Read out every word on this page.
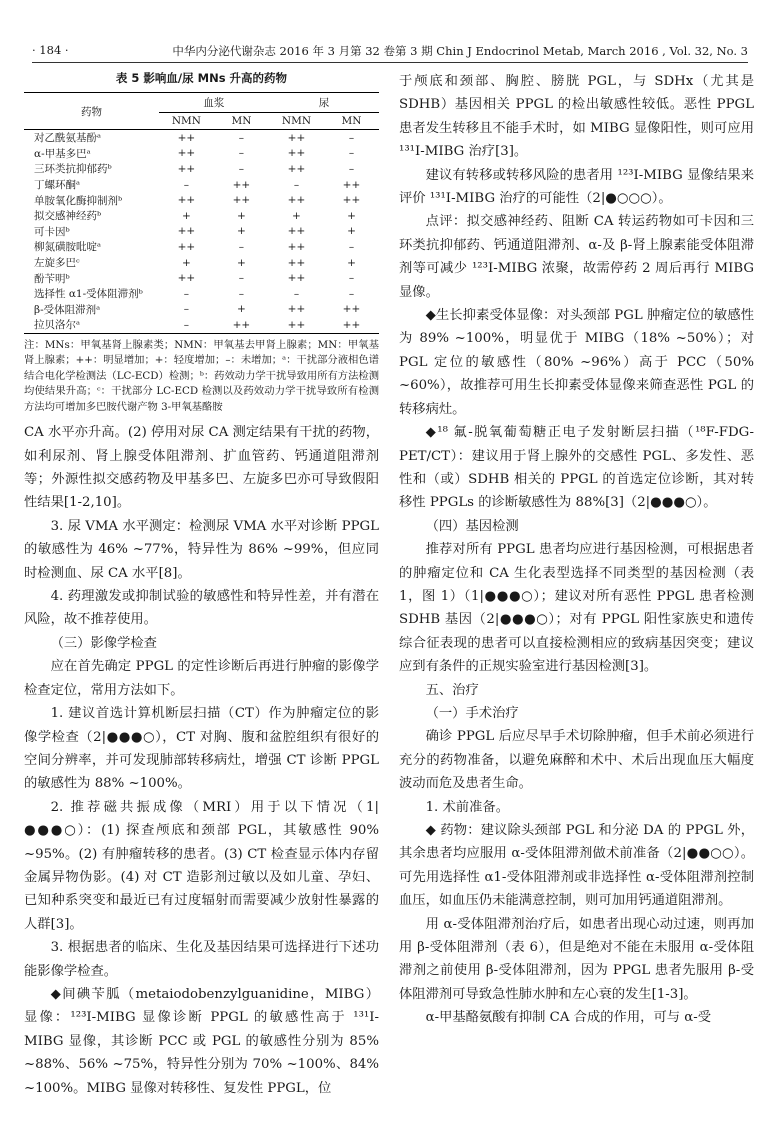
· 184 ·	中华内分泌代谢杂志 2016 年 3 月第 32 卷第 3 期 Chin J Endocrinol Metab, March 2016 , Vol. 32, No. 3
表 5 影响血/尿 MNs 升高的药物
药物	血浆		尿	
	NMN	MN	NMN	MN
对乙酰氨基酚ᵃ	++	–	++	–
α-甲基多巴ᵃ	++	–	++	–
三环类抗抑郁药ᵇ	++	–	++	–
丁螺环酮ᵃ	–	++	–	++
单胺氧化酶抑制剂ᵇ	++	++	++	++
拟交感神经药ᵇ	+	+	+	+
可卡因ᵇ	++	+	++	+
柳氮磺胺吡啶ᵃ	++	–	++	–
左旋多巴ᶜ	+	+	++	+
酚苄明ᵇ	++	–	++	–
选择性 α1-受体阻滞剂ᵇ	–	–	–	–
β-受体阻滞剂ᵃ	–	+	++	++
拉贝洛尔ᵃ	–	++	++	++
注：MNs：甲氧基肾上腺素类；NMN：甲氧基去甲肾上腺素；MN：甲氧基肾上腺素；++：明显增加；+：轻度增加；–：未增加；ᵃ：干扰部分液相色谱结合电化学检测法（LC-ECD）检测；ᵇ：药效动力学干扰导致用所有方法检测均使结果升高；ᶜ：干扰部分 LC-ECD 检测以及药效动力学干扰导致所有检测方法均可增加多巴胺代谢产物 3-甲氧基酪胺

CA 水平亦升高。(2) 停用对尿 CA 测定结果有干扰的药物，如利尿剂、肾上腺受体阻滞剂、扩血管药、钙通道阻滞剂等；外源性拟交感药物及甲基多巴、左旋多巴亦可导致假阳性结果[1-2,10]。

3. 尿 VMA 水平测定：检测尿 VMA 水平对诊断 PPGL 的敏感性为 46% ~77%，特异性为 86% ~99%，但应同时检测血、尿 CA 水平[8]。

4. 药理激发或抑制试验的敏感性和特异性差，并有潜在风险，故不推荐使用。

（三）影像学检查

应在首先确定 PPGL 的定性诊断后再进行肿瘤的影像学检查定位，常用方法如下。

1. 建议首选计算机断层扫描（CT）作为肿瘤定位的影像学检查（2|●●●○），CT 对胸、腹和盆腔组织有很好的空间分辨率，并可发现肺部转移病灶，增强 CT 诊断 PPGL 的敏感性为 88% ~100%。

2. 推荐磁共振成像（MRI）用于以下情况（1|●●●○）：(1) 探查颅底和颈部 PGL，其敏感性 90% ~95%。(2) 有肿瘤转移的患者。(3) CT 检查显示体内存留金属异物伪影。(4) 对 CT 造影剂过敏以及如儿童、孕妇、已知种系突变和最近已有过度辐射而需要减少放射性暴露的人群[3]。

3. 根据患者的临床、生化及基因结果可选择进行下述功能影像学检查。

◆间碘苄胍（metaiodobenzylguanidine，MIBG）显像：¹²³I-MIBG 显像诊断 PPGL 的敏感性高于 ¹³¹I-MIBG 显像，其诊断 PCC 或 PGL 的敏感性分别为 85% ~88%、56% ~75%，特异性分别为 70% ~100%、84% ~100%。MIBG 显像对转移性、复发性 PPGL，位

于颅底和颈部、胸腔、膀胱 PGL，与 SDHx（尤其是 SDHB）基因相关 PPGL 的检出敏感性较低。恶性 PPGL 患者发生转移且不能手术时，如 MIBG 显像阳性，则可应用 ¹³¹I-MIBG 治疗[3]。

建议有转移或转移风险的患者用 ¹²³I-MIBG 显像结果来评价 ¹³¹I-MIBG 治疗的可能性（2|●○○○）。

点评：拟交感神经药、阻断 CA 转运药物如可卡因和三环类抗抑郁药、钙通道阻滞剂、α-及 β-肾上腺素能受体阻滞剂等可减少 ¹²³I-MIBG 浓聚，故需停药 2 周后再行 MIBG 显像。

◆生长抑素受体显像：对头颈部 PGL 肿瘤定位的敏感性为 89% ~100%，明显优于 MIBG（18% ~50%）；对 PGL 定位的敏感性（80% ~96%）高于 PCC（50% ~60%），故推荐可用生长抑素受体显像来筛查恶性 PGL 的转移病灶。

◆¹⁸ 氟-脱氧葡萄糖正电子发射断层扫描（¹⁸F-FDG-PET/CT）：建议用于肾上腺外的交感性 PGL、多发性、恶性和（或）SDHB 相关的 PPGL 的首选定位诊断，其对转移性 PPGLs 的诊断敏感性为 88%[3]（2|●●●○）。

（四）基因检测

推荐对所有 PPGL 患者均应进行基因检测，可根据患者的肿瘤定位和 CA 生化表型选择不同类型的基因检测（表 1，图 1）（1|●●●○）；建议对所有恶性 PPGL 患者检测 SDHB 基因（2|●●●○）；对有 PPGL 阳性家族史和遗传综合征表现的患者可以直接检测相应的致病基因突变；建议应到有条件的正规实验室进行基因检测[3]。

五、治疗

（一）手术治疗

确诊 PPGL 后应尽早手术切除肿瘤，但手术前必须进行充分的药物准备，以避免麻醉和术中、术后出现血压大幅度波动而危及患者生命。

1. 术前准备。

◆ 药物：建议除头颈部 PGL 和分泌 DA 的 PPGL 外，其余患者均应服用 α-受体阻滞剂做术前准备（2|●●○○）。可先用选择性 α1-受体阻滞剂或非选择性 α-受体阻滞剂控制血压，如血压仍未能满意控制，则可加用钙通道阻滞剂。

用 α-受体阻滞剂治疗后，如患者出现心动过速，则再加用 β-受体阻滞剂（表 6），但是绝对不能在未服用 α-受体阻滞剂之前使用 β-受体阻滞剂，因为 PPGL 患者先服用 β-受体阻滞剂可导致急性肺水肿和左心衰的发生[1-3]。

α-甲基酪氨酸有抑制 CA 合成的作用，可与 α-受
